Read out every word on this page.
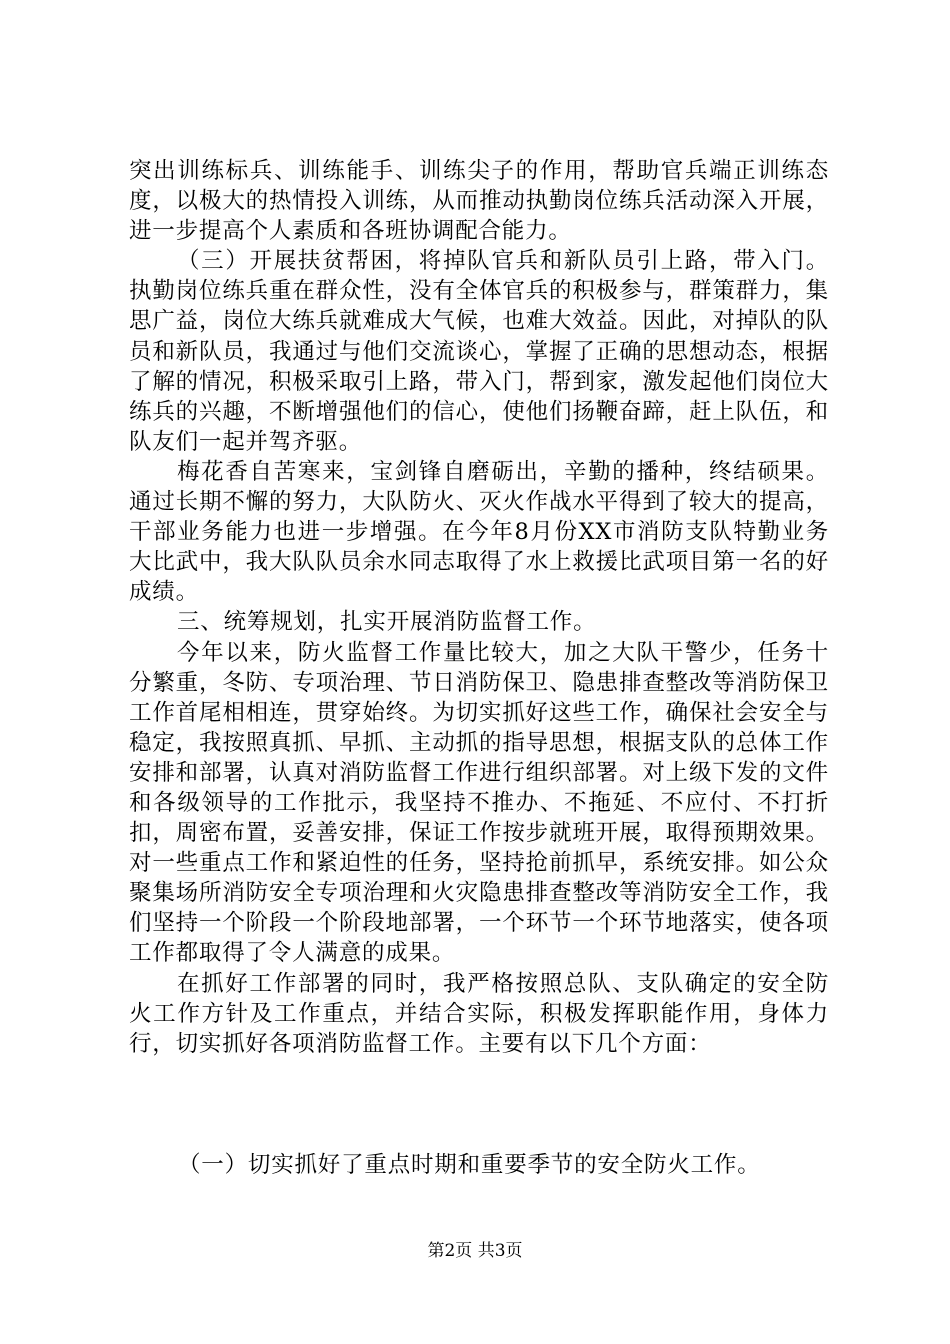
突出训练标兵、训练能手、训练尖子的作用，帮助官兵端正训练态度，以极大的热情投入训练，从而推动执勤岗位练兵活动深入开展，进一步提高个人素质和各班协调配合能力。

（三）开展扶贫帮困，将掉队官兵和新队员引上路，带入门。执勤岗位练兵重在群众性，没有全体官兵的积极参与，群策群力，集思广益，岗位大练兵就难成大气候，也难大效益。因此，对掉队的队员和新队员，我通过与他们交流谈心，掌握了正确的思想动态，根据了解的情况，积极采取引上路，带入门，帮到家，激发起他们岗位大练兵的兴趣，不断增强他们的信心，使他们扬鞭奋蹄，赶上队伍，和队友们一起并驾齐驱。

梅花香自苦寒来，宝剑锋自磨砺出，辛勤的播种，终结硕果。通过长期不懈的努力，大队防火、灭火作战水平得到了较大的提高，干部业务能力也进一步增强。在今年8月份XX市消防支队特勤业务大比武中，我大队队员余水同志取得了水上救援比武项目第一名的好成绩。

三、统筹规划，扎实开展消防监督工作。

今年以来，防火监督工作量比较大，加之大队干警少，任务十分繁重，冬防、专项治理、节日消防保卫、隐患排查整改等消防保卫工作首尾相相连，贯穿始终。为切实抓好这些工作，确保社会安全与稳定，我按照真抓、早抓、主动抓的指导思想，根据支队的总体工作安排和部署，认真对消防监督工作进行组织部署。对上级下发的文件和各级领导的工作批示，我坚持不推办、不拖延、不应付、不打折扣，周密布置，妥善安排，保证工作按步就班开展，取得预期效果。对一些重点工作和紧迫性的任务，坚持抢前抓早，系统安排。如公众聚集场所消防安全专项治理和火灾隐患排查整改等消防安全工作，我们坚持一个阶段一个阶段地部署，一个环节一个环节地落实，使各项工作都取得了令人满意的成果。

在抓好工作部署的同时，我严格按照总队、支队确定的安全防火工作方针及工作重点，并结合实际，积极发挥职能作用，身体力行，切实抓好各项消防监督工作。主要有以下几个方面：

（一）切实抓好了重点时期和重要季节的安全防火工作。

第2页 共3页
